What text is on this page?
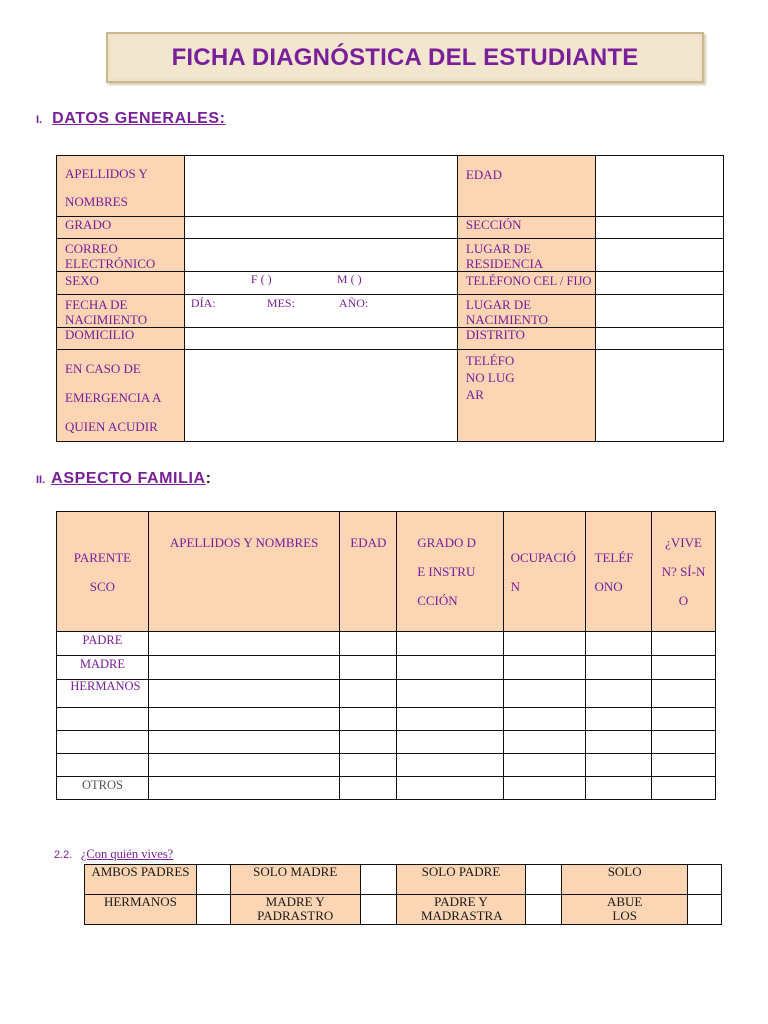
FICHA DIAGNÓSTICA DEL ESTUDIANTE
I. DATOS GENERALES:
APELLIDOS Y NOMBRES		EDAD	
GRADO		SECCIÓN	
CORREO ELECTRÓNICO		LUGAR DE RESIDENCIA	
SEXO	F ( ) M ( )	TELÉFONO CEL / FIJO	
FECHA DE NACIMIENTO	DÍA: MES: AÑO:	LUGAR DE NACIMIENTO	
DOMICILIO		DISTRITO	
EN CASO DE EMERGENCIA A QUIEN ACUDIR		TELÉFONO LUGAR	

II. ASPECTO FAMILIA:
PARENTESCO	APELLIDOS Y NOMBRES	EDAD	GRADO DE INSTRUCCIÓN	OCUPACIÓN	TELÉFONO	¿VIVEN? SÍ-NO

PADRE						
MADRE						
HERMANOS						

OTROS						
2.2. ¿Con quién vives?
AMBOS PADRES		SOLO MADRE		SOLO PADRE		SOLO	
HERMANOS		MADRE Y PADRASTRO		PADRE Y MADRASTRA		ABUELOS	
